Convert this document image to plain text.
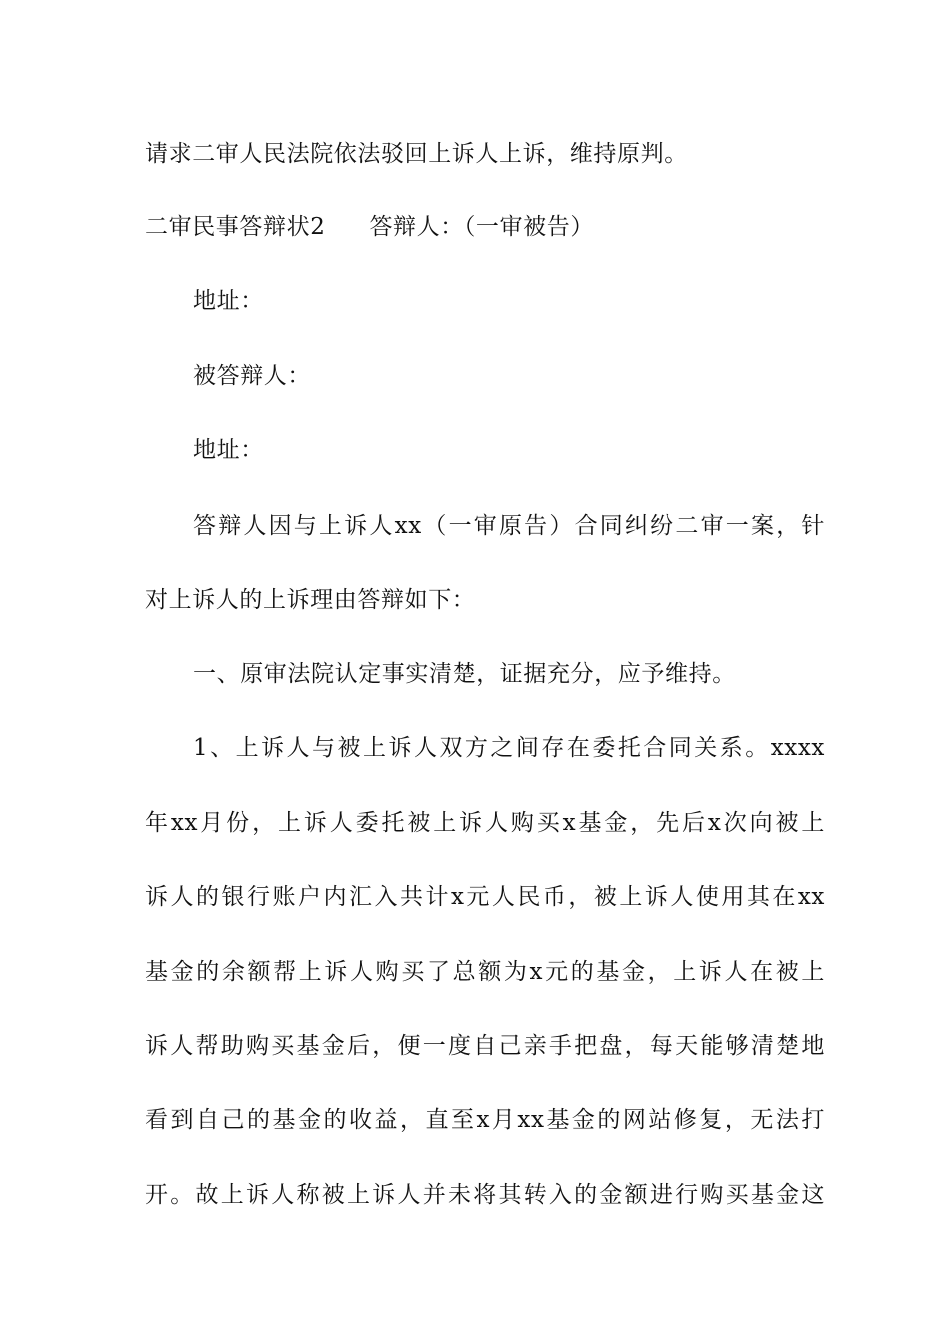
请求二审人民法院依法驳回上诉人上诉，维持原判。
二审民事答辩状2 答辩人：（一审被告）
地址：
被答辩人：
地址：
答辩人因与上诉人xx（一审原告）合同纠纷二审一案，针
对上诉人的上诉理由答辩如下：
一、原审法院认定事实清楚，证据充分，应予维持。
1、上诉人与被上诉人双方之间存在委托合同关系。xxxx
年xx月份，上诉人委托被上诉人购买x基金，先后x次向被上
诉人的银行账户内汇入共计x元人民币，被上诉人使用其在xx
基金的余额帮上诉人购买了总额为x元的基金，上诉人在被上
诉人帮助购买基金后，便一度自己亲手把盘，每天能够清楚地
看到自己的基金的收益，直至x月xx基金的网站修复，无法打
开。故上诉人称被上诉人并未将其转入的金额进行购买基金这
